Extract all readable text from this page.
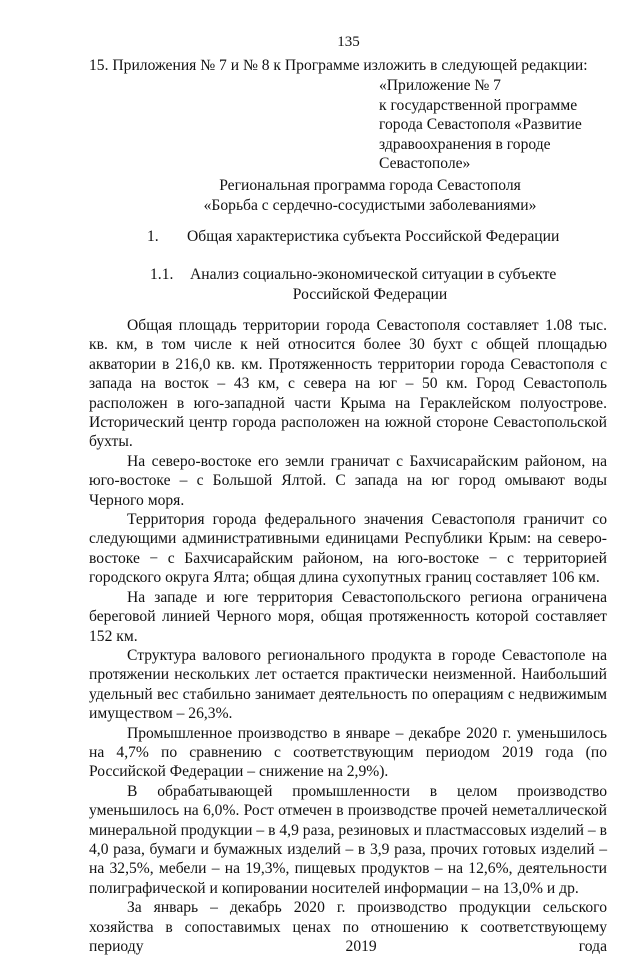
135
15. Приложения № 7 и № 8 к Программе изложить в следующей редакции:
«Приложение № 7
к государственной программе
города Севастополя «Развитие
здравоохранения в городе
Севастополе»
Региональная программа города Севастополя
«Борьба с сердечно-сосудистыми заболеваниями»
1. Общая характеристика субъекта Российской Федерации
1.1. Анализ социально-экономической ситуации в субъекте
Российской Федерации

Общая площадь территории города Севастополя составляет 1.08 тыс. кв. км, в том числе к ней относится более 30 бухт с общей площадью акватории в 216,0 кв. км. Протяженность территории города Севастополя с запада на восток – 43 км, с севера на юг – 50 км. Город Севастополь расположен в юго-западной части Крыма на Гераклейском полуострове. Исторический центр города расположен на южной стороне Севастопольской бухты.

На северо-востоке его земли граничат с Бахчисарайским районом, на юго-востоке – с Большой Ялтой. С запада на юг город омывают воды Черного моря.

Территория города федерального значения Севастополя граничит со следующими административными единицами Республики Крым: на северо-востоке − с Бахчисарайским районом, на юго-востоке − с территорией городского округа Ялта; общая длина сухопутных границ составляет 106 км.

На западе и юге территория Севастопольского региона ограничена береговой линией Черного моря, общая протяженность которой составляет 152 км.

Структура валового регионального продукта в городе Севастополе на протяжении нескольких лет остается практически неизменной. Наибольший удельный вес стабильно занимает деятельность по операциям с недвижимым имуществом – 26,3%.

Промышленное производство в январе – декабре 2020 г. уменьшилось на 4,7% по сравнению с соответствующим периодом 2019 года (по Российской Федерации – снижение на 2,9%).

В обрабатывающей промышленности в целом производство уменьшилось на 6,0%. Рост отмечен в производстве прочей неметаллической минеральной продукции – в 4,9 раза, резиновых и пластмассовых изделий – в 4,0 раза, бумаги и бумажных изделий – в 3,9 раза, прочих готовых изделий – на 32,5%, мебели – на 19,3%, пищевых продуктов – на 12,6%, деятельности полиграфической и копировании носителей информации – на 13,0% и др.

За январь – декабрь 2020 г. производство продукции сельского хозяйства в сопоставимых ценах по отношению к соответствующему периоду 2019 года
